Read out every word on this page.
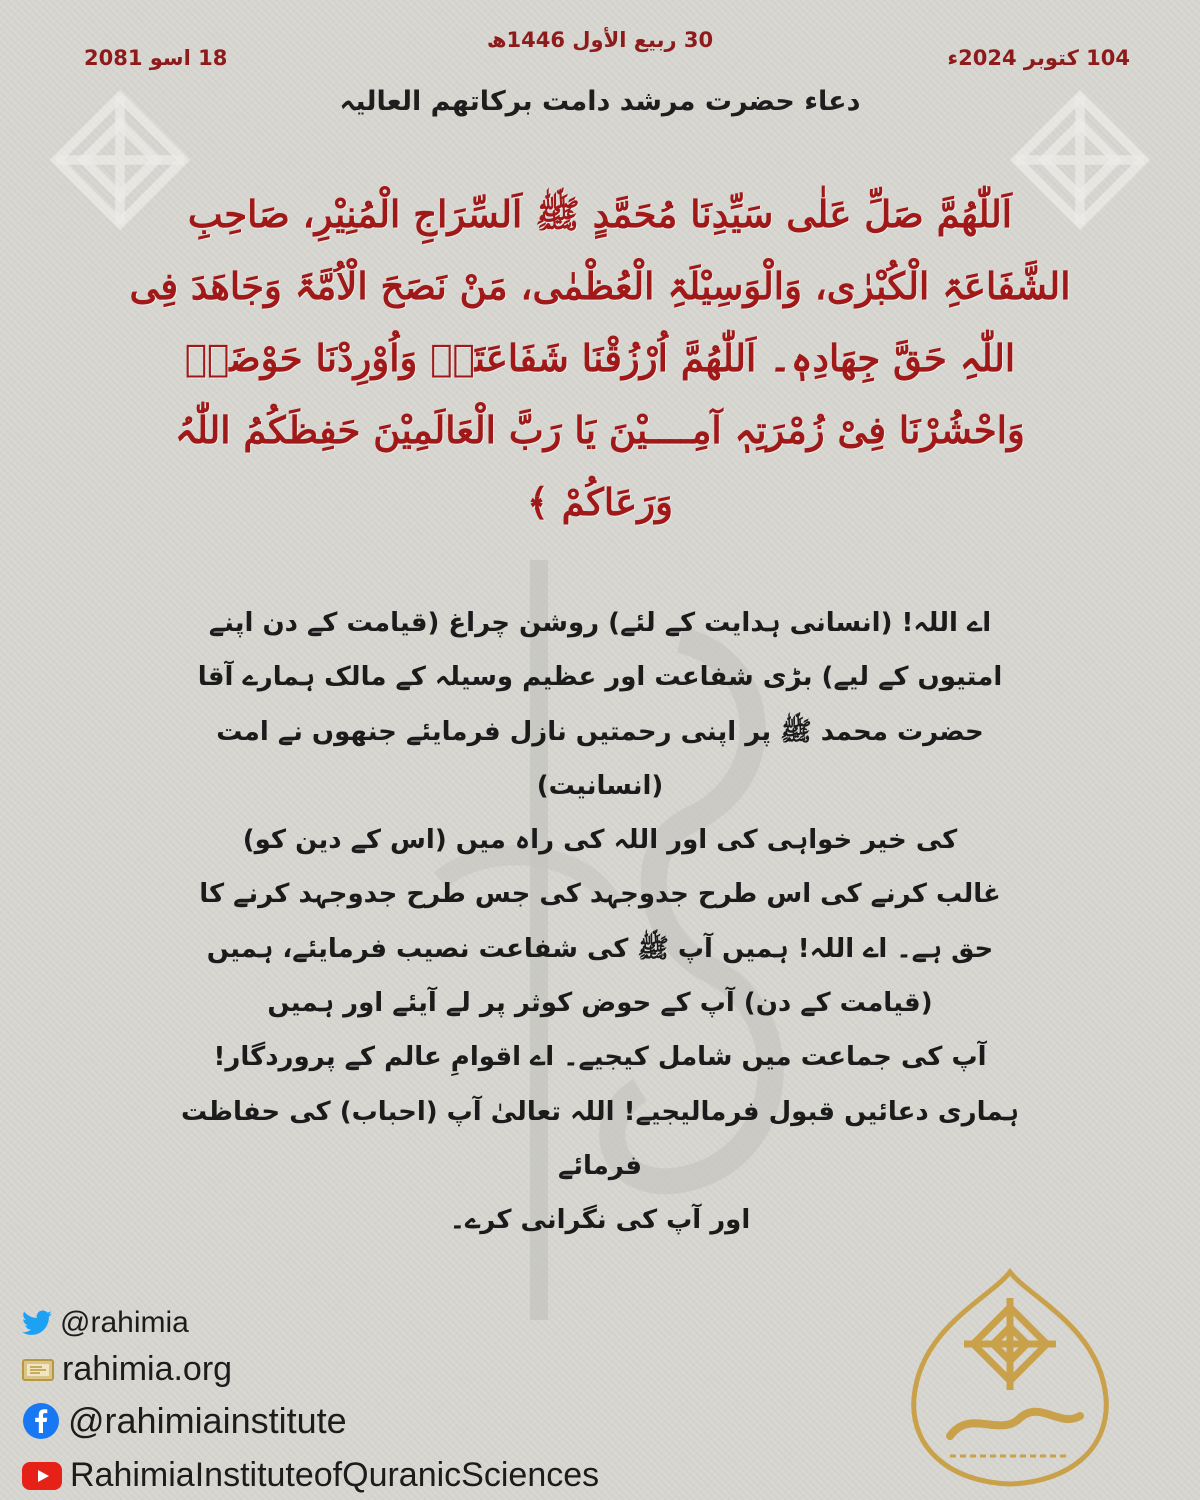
30 ربیع الأول 1446ھ
18 اسو 2081	104 کتوبر 2024ء
دعاء حضرت مرشد دامت برکاتھم العالیہ
اَللّٰھُمَّ صَلِّ عَلٰی سَیِّدِنَا مُحَمَّدٍ ﷺ اَلسِّرَاجِ الْمُنِیْرِ، صَاحِبِ
الشَّفَاعَۃِ الْکُبْرٰی، وَالْوَسِیْلَۃِ الْعُظْمٰی، مَنْ نَصَحَ الْاُمَّۃَ وَجَاھَدَ فِی
اللّٰہِ حَقَّ جِھَادِہٖ۔ اَللّٰھُمَّ اُرْزُقْنَا شَفَاعَتَہٗ وَاُوْرِدْنَا حَوْضَہٗ
وَاحْشُرْنَا فِیْ زُمْرَتِہٖ آمِــــیْنَ یَا رَبَّ الْعَالَمِیْنَ حَفِظَکُمُ اللّٰہُ
وَرَعَاکُمْ ﴾
اے اللہ! (انسانی ہدایت کے لئے) روشن چراغ (قیامت کے دن اپنے
امتیوں کے لیے) بڑی شفاعت اور عظیم وسیلہ کے مالک ہمارے آقا
حضرت محمد ﷺ پر اپنی رحمتیں نازل فرمایئے جنھوں نے امت (انسانیت)
کی خیر خواہی کی اور اللہ کی راہ میں (اس کے دین کو)
غالب کرنے کی اس طرح جدوجہد کی جس طرح جدوجہد کرنے کا
حق ہے۔ اے اللہ! ہمیں آپ ﷺ کی شفاعت نصیب فرمایئے، ہمیں
(قیامت کے دن) آپ کے حوض کوثر پر لے آیئے اور ہمیں
آپ کی جماعت میں شامل کیجیے۔ اے اقوامِ عالم کے پروردگار!
ہماری دعائیں قبول فرمالیجیے! اللہ تعالیٰ آپ (احباب) کی حفاظت فرمائے
اور آپ کی نگرانی کرے۔
@rahimia
rahimia.org
@rahimiainstitute
RahimiaInstituteofQuranicSciences
